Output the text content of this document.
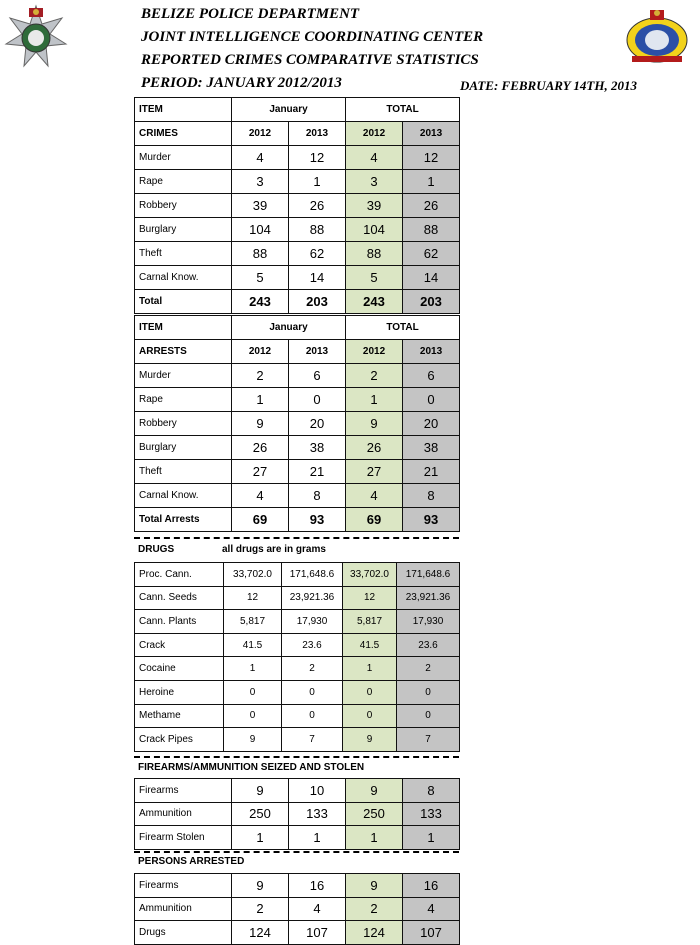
BELIZE POLICE DEPARTMENT
JOINT INTELLIGENCE COORDINATING CENTER
REPORTED CRIMES COMPARATIVE STATISTICS
PERIOD: JANUARY 2012/2013	DATE: FEBRUARY 14TH, 2013
ITEM	January		TOTAL	
CRIMES	2012	2013	2012	2013
Murder	4	12	4	12
Rape	3	1	3	1
Robbery	39	26	39	26
Burglary	104	88	104	88
Theft	88	62	88	62
Carnal Know.	5	14	5	14
Total	243	203	243	203
ITEM	January		TOTAL	
ARRESTS	2012	2013	2012	2013
Murder	2	6	2	6
Rape	1	0	1	0
Robbery	9	20	9	20
Burglary	26	38	26	38
Theft	27	21	27	21
Carnal Know.	4	8	4	8
Total Arrests	69	93	69	93
DRUGS	all drugs are in grams
Proc. Cann.	33,702.0	171,648.6	33,702.0	171,648.6
Cann. Seeds	12	23,921.36	12	23,921.36
Cann. Plants	5,817	17,930	5,817	17,930
Crack	41.5	23.6	41.5	23.6
Cocaine	1	2	1	2
Heroine	0	0	0	0
Methame	0	0	0	0
Crack Pipes	9	7	9	7
FIREARMS/AMMUNITION SEIZED AND STOLEN
Firearms	9	10	9	8
Ammunition	250	133	250	133
Firearm Stolen	1	1	1	1
PERSONS ARRESTED
Firearms	9	16	9	16
Ammunition	2	4	2	4
Drugs	124	107	124	107
